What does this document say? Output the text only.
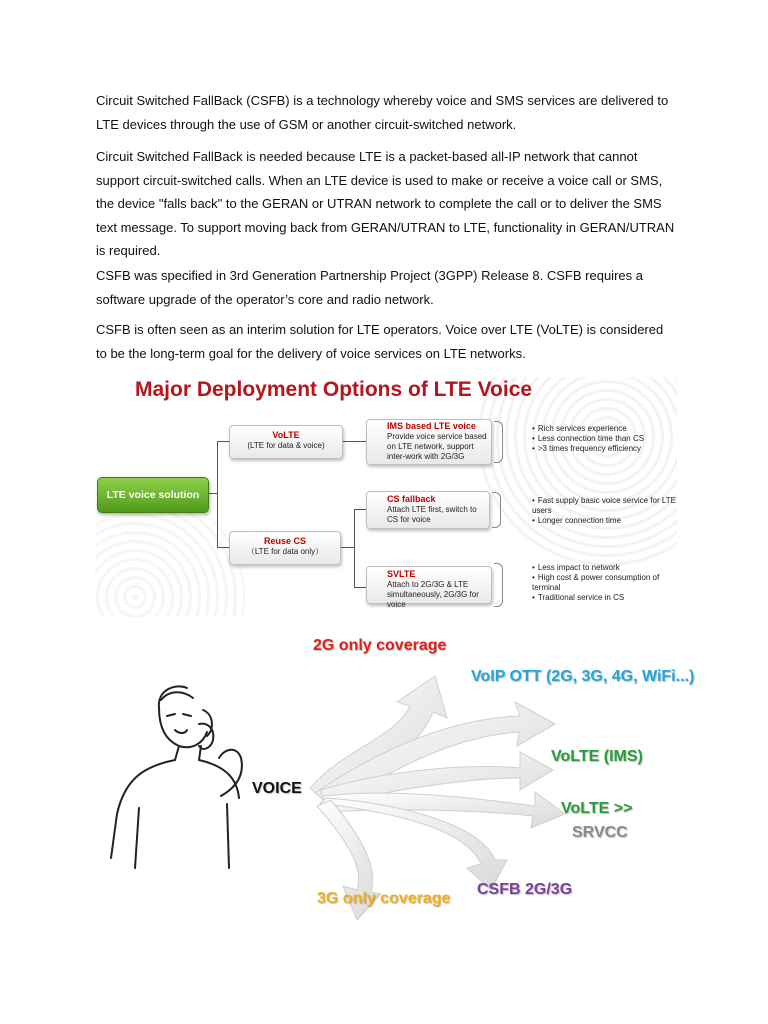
Circuit Switched FallBack (CSFB) is a technology whereby voice and SMS services are delivered to LTE devices through the use of GSM or another circuit-switched network.

Circuit Switched FallBack is needed because LTE is a packet-based all-IP network that cannot support circuit-switched calls. When an LTE device is used to make or receive a voice call or SMS, the device "falls back" to the GERAN or UTRAN network to complete the call or to deliver the SMS text message. To support moving back from GERAN/UTRAN to LTE, functionality in GERAN/UTRAN is required.

CSFB was specified in 3rd Generation Partnership Project (3GPP) Release 8. CSFB requires a software upgrade of the operator’s core and radio network.

CSFB is often seen as an interim solution for LTE operators. Voice over LTE (VoLTE) is considered to be the long-term goal for the delivery of voice services on LTE networks.

Major Deployment Options of LTE Voice
LTE voice solution
VoLTE
(LTE for data & voice)
Reuse CS
（LTE for data only）
IMS based LTE voice
Provide voice service based on LTE network, support inter-work with 2G/3G
• Rich services experience
• Less connection time than CS
• >3 times frequency efficiency
CS fallback
Attach LTE first, switch to CS for voice
• Fast supply basic voice service for LTE users
• Longer connection time
SVLTE
Attach to 2G/3G & LTE simultaneously, 2G/3G for voice
• Less impact to network
• High cost & power consumption of terminal
• Traditional service in CS
VOICE
2G only coverage
VoIP OTT (2G, 3G, 4G, WiFi...)
VoLTE (IMS)
VoLTE >>
SRVCC
CSFB 2G/3G
3G only coverage
